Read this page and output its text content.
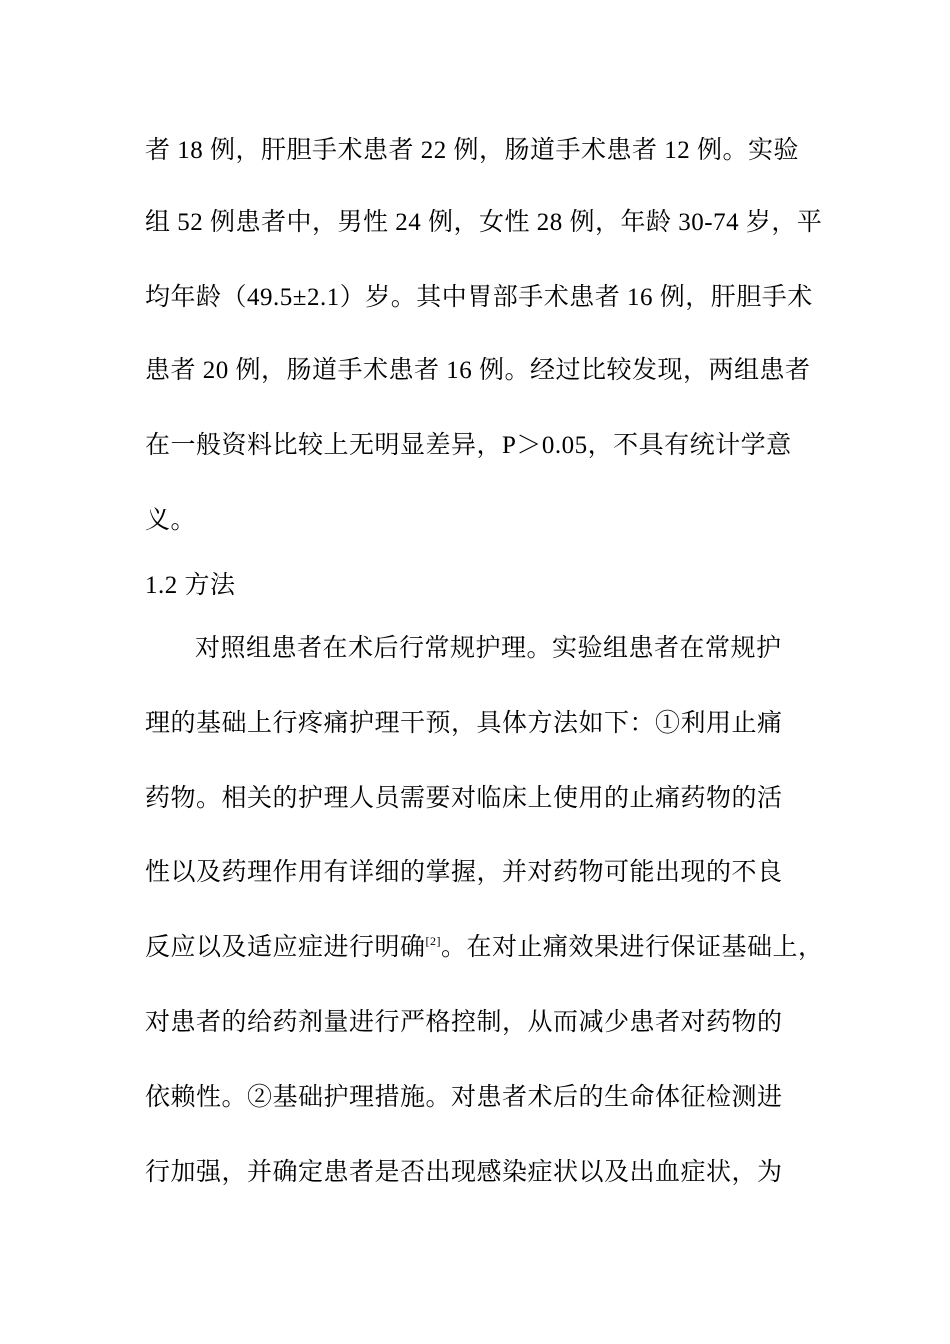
者 18 例，肝胆手术患者 22 例，肠道手术患者 12 例。实验
组 52 例患者中，男性 24 例，女性 28 例，年龄 30-74 岁，平
均年龄（49.5±2.1）岁。其中胃部手术患者 16 例，肝胆手术
患者 20 例，肠道手术患者 16 例。经过比较发现，两组患者
在一般资料比较上无明显差异，P＞0.05，不具有统计学意
义。
1.2 方法
对照组患者在术后行常规护理。实验组患者在常规护
理的基础上行疼痛护理干预，具体方法如下：①利用止痛
药物。相关的护理人员需要对临床上使用的止痛药物的活
性以及药理作用有详细的掌握，并对药物可能出现的不良
反应以及适应症进行明确[2]。在对止痛效果进行保证基础上，
对患者的给药剂量进行严格控制，从而减少患者对药物的
依赖性。②基础护理措施。对患者术后的生命体征检测进
行加强，并确定患者是否出现感染症状以及出血症状，为
